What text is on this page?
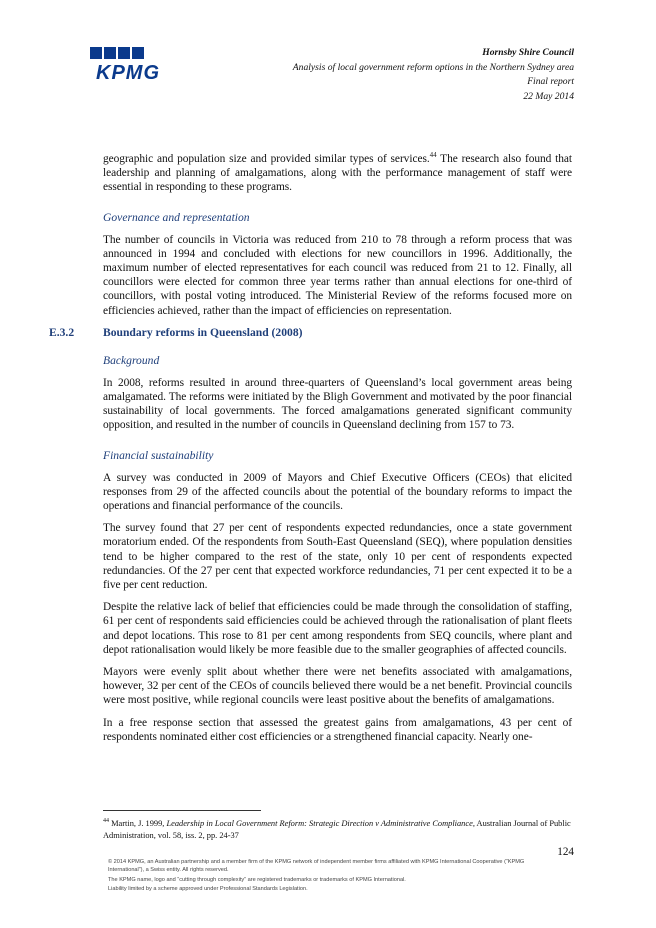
KPMG
Hornsby Shire Council
Analysis of local government reform options in the Northern Sydney area
Final report
22 May 2014

geographic and population size and provided similar types of services.$^{44}$ The research also found that leadership and planning of amalgamations, along with the performance management of staff were essential in responding to these programs.

Governance and representation

The number of councils in Victoria was reduced from 210 to 78 through a reform process that was announced in 1994 and concluded with elections for new councillors in 1996. Additionally, the maximum number of elected representatives for each council was reduced from 21 to 12. Finally, all councillors were elected for common three year terms rather than annual elections for one-third of councillors, with postal voting introduced. The Ministerial Review of the reforms focused more on efficiencies achieved, rather than the impact of efficiencies on representation.

E.3.2 Boundary reforms in Queensland (2008)
Background

In 2008, reforms resulted in around three-quarters of Queensland’s local government areas being amalgamated. The reforms were initiated by the Bligh Government and motivated by the poor financial sustainability of local governments. The forced amalgamations generated significant community opposition, and resulted in the number of councils in Queensland declining from 157 to 73.

Financial sustainability

A survey was conducted in 2009 of Mayors and Chief Executive Officers (CEOs) that elicited responses from 29 of the affected councils about the potential of the boundary reforms to impact the operations and financial performance of the councils.

The survey found that 27 per cent of respondents expected redundancies, once a state government moratorium ended. Of the respondents from South-East Queensland (SEQ), where population densities tend to be higher compared to the rest of the state, only 10 per cent of respondents expected redundancies. Of the 27 per cent that expected workforce redundancies, 71 per cent expected it to be a five per cent reduction.

Despite the relative lack of belief that efficiencies could be made through the consolidation of staffing, 61 per cent of respondents said efficiencies could be achieved through the rationalisation of plant fleets and depot locations. This rose to 81 per cent among respondents from SEQ councils, where plant and depot rationalisation would likely be more feasible due to the smaller geographies of affected councils.

Mayors were evenly split about whether there were net benefits associated with amalgamations, however, 32 per cent of the CEOs of councils believed there would be a net benefit. Provincial councils were most positive, while regional councils were least positive about the benefits of amalgamations.

In a free response section that assessed the greatest gains from amalgamations, 43 per cent of respondents nominated either cost efficiencies or a strengthened financial capacity. Nearly one-

$^{44}$ Martin, J. 1999, Leadership in Local Government Reform: Strategic Direction v Administrative Compliance, Australian Journal of Public Administration, vol. 58, iss. 2, pp. 24-37
124

© 2014 KPMG, an Australian partnership and a member firm of the KPMG network of independent member firms affiliated with KPMG International Cooperative (“KPMG International”), a Swiss entity. All rights reserved.

The KPMG name, logo and “cutting through complexity” are registered trademarks or trademarks of KPMG International.

Liability limited by a scheme approved under Professional Standards Legislation.
